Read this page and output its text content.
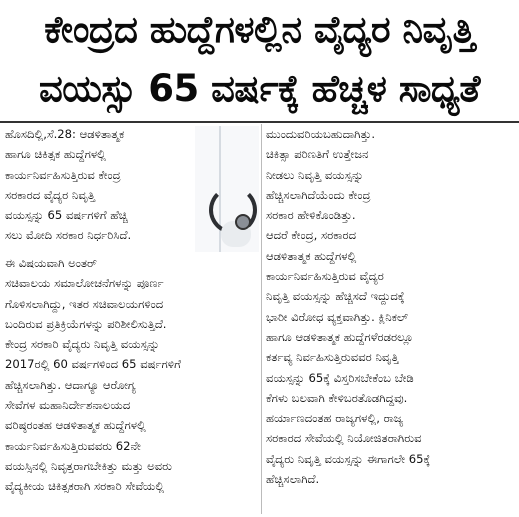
ಕೇಂದ್ರದ ಹುದ್ದೆಗಳಲ್ಲಿನ ವೈದ್ಯರ ನಿವೃತ್ತಿ
ವಯಸ್ಸು 65 ವರ್ಷಕ್ಕೆ ಹೆಚ್ಚಳ ಸಾಧ್ಯತೆ
ಹೊಸದಿಲ್ಲಿ,ಸೆ.28: ಆಡಳಿತಾತ್ಮಕ
ಹಾಗೂ ಚಿಕಿತ್ಸಕ ಹುದ್ದೆಗಳಲ್ಲಿ
ಕಾರ್ಯನಿರ್ವಹಿಸುತ್ತಿರುವ ಕೇಂದ್ರ
ಸರಕಾರದ ವೈದ್ಯರ ನಿವೃತ್ತಿ
ವಯಸ್ಸನ್ನು 65 ವರ್ಷಗಳಿಗೆ ಹೆಚ್ಚಿ
ಸಲು ಮೋದಿ ಸರಕಾರ ನಿರ್ಧರಿಸಿದೆ.
ಈ ವಿಷಯವಾಗಿ ಅಂತರ್
ಸಚಿವಾಲಯ ಸಮಾಲೋಚನೆಗಳನ್ನು ಪೂರ್ಣ
ಗೊಳಿಸಲಾಗಿದ್ದು, ಇತರ ಸಚಿವಾಲಯಗಳಿಂದ
ಬಂದಿರುವ ಪ್ರತಿಕ್ರಿಯೆಗಳನ್ನು ಪರಿಶೀಲಿಸುತ್ತಿದೆ.
ಕೇಂದ್ರ ಸರಕಾರಿ ವೈದ್ಯರು ನಿವೃತ್ತಿ ವಯಸ್ಸನ್ನು
2017ರಲ್ಲಿ 60 ವರ್ಷಗಳಿಂದ 65 ವರ್ಷಗಳಿಗೆ
ಹೆಚ್ಚಿಸಲಾಗಿತ್ತು. ಆದಾಗ್ಯೂ ಆರೋಗ್ಯ
ಸೇವೆಗಳ ಮಹಾನಿರ್ದೇಶನಾಲಯದ
ವರಿಷ್ಠರಂತಹ ಆಡಳಿತಾತ್ಮಕ ಹುದ್ದೆಗಳಲ್ಲಿ
ಕಾರ್ಯನಿರ್ವಹಿಸುತ್ತಿರುವವರು 62ನೇ
ವಯಸ್ಸಿನಲ್ಲಿ ನಿವೃತ್ತರಾಗಬೇಕಿತ್ತು ಮತ್ತು ಅವರು
ವೈದ್ಯಕೀಯ ಚಿಕಿತ್ಸಕರಾಗಿ ಸರಕಾರಿ ಸೇವೆಯಲ್ಲಿ
ಮುಂದುವರಿಯಬಹುದಾಗಿತ್ತು.
ಚಿಕಿತ್ಸಾ ಪರಿಣತಿಗೆ ಉತ್ತೇಜನ
ನೀಡಲು ನಿವೃತ್ತಿ ವಯಸ್ಸನ್ನು
ಹೆಚ್ಚಿಸಲಾಗಿದೆಯೆಂದು ಕೇಂದ್ರ
ಸರಕಾರ ಹೇಳಿಕೊಂಡಿತ್ತು.
ಆದರೆ ಕೇಂದ್ರ, ಸರಕಾರದ
ಆಡಳಿತಾತ್ಮಕ ಹುದ್ದೆಗಳಲ್ಲಿ
ಕಾರ್ಯನಿರ್ವಹಿಸುತ್ತಿರುವ ವೈದ್ಯರ
ನಿವೃತ್ತಿ ವಯಸ್ಸನ್ನು ಹೆಚ್ಚಿಸದೆ ಇದ್ದುದಕ್ಕೆ
ಭಾರೀ ವಿರೋಧ ವ್ಯಕ್ತವಾಗಿತ್ತು. ಕ್ಲಿನಿಕಲ್
ಹಾಗೂ ಆಡಳಿತಾತ್ಮಕ ಹುದ್ದೆಗಳೆರಡರಲ್ಲೂ
ಕರ್ತವ್ಯ ನಿರ್ವಹಿಸುತ್ತಿರುವವರ ನಿವೃತ್ತಿ
ವಯಸ್ಸನ್ನು 65ಕ್ಕೆ ವಿಸ್ತರಿಸಬೇಕೆಂಬ ಬೇಡಿ
ಕೆಗಳು ಬಲವಾಗಿ ಕೇಳಿಬರತೊಡಗಿದ್ದವು.
ಹರ್ಯಾಣದಂತಹ ರಾಜ್ಯಗಳಲ್ಲಿ, ರಾಜ್ಯ
ಸರಕಾರದ ಸೇವೆಯಲ್ಲಿ ನಿಯೋಜಿತರಾಗಿರುವ
ವೈದ್ಯರು ನಿವೃತ್ತಿ ವಯಸ್ಸನ್ನು ಈಗಾಗಲೇ 65ಕ್ಕೆ
ಹೆಚ್ಚಿಸಲಾಗಿದೆ.
